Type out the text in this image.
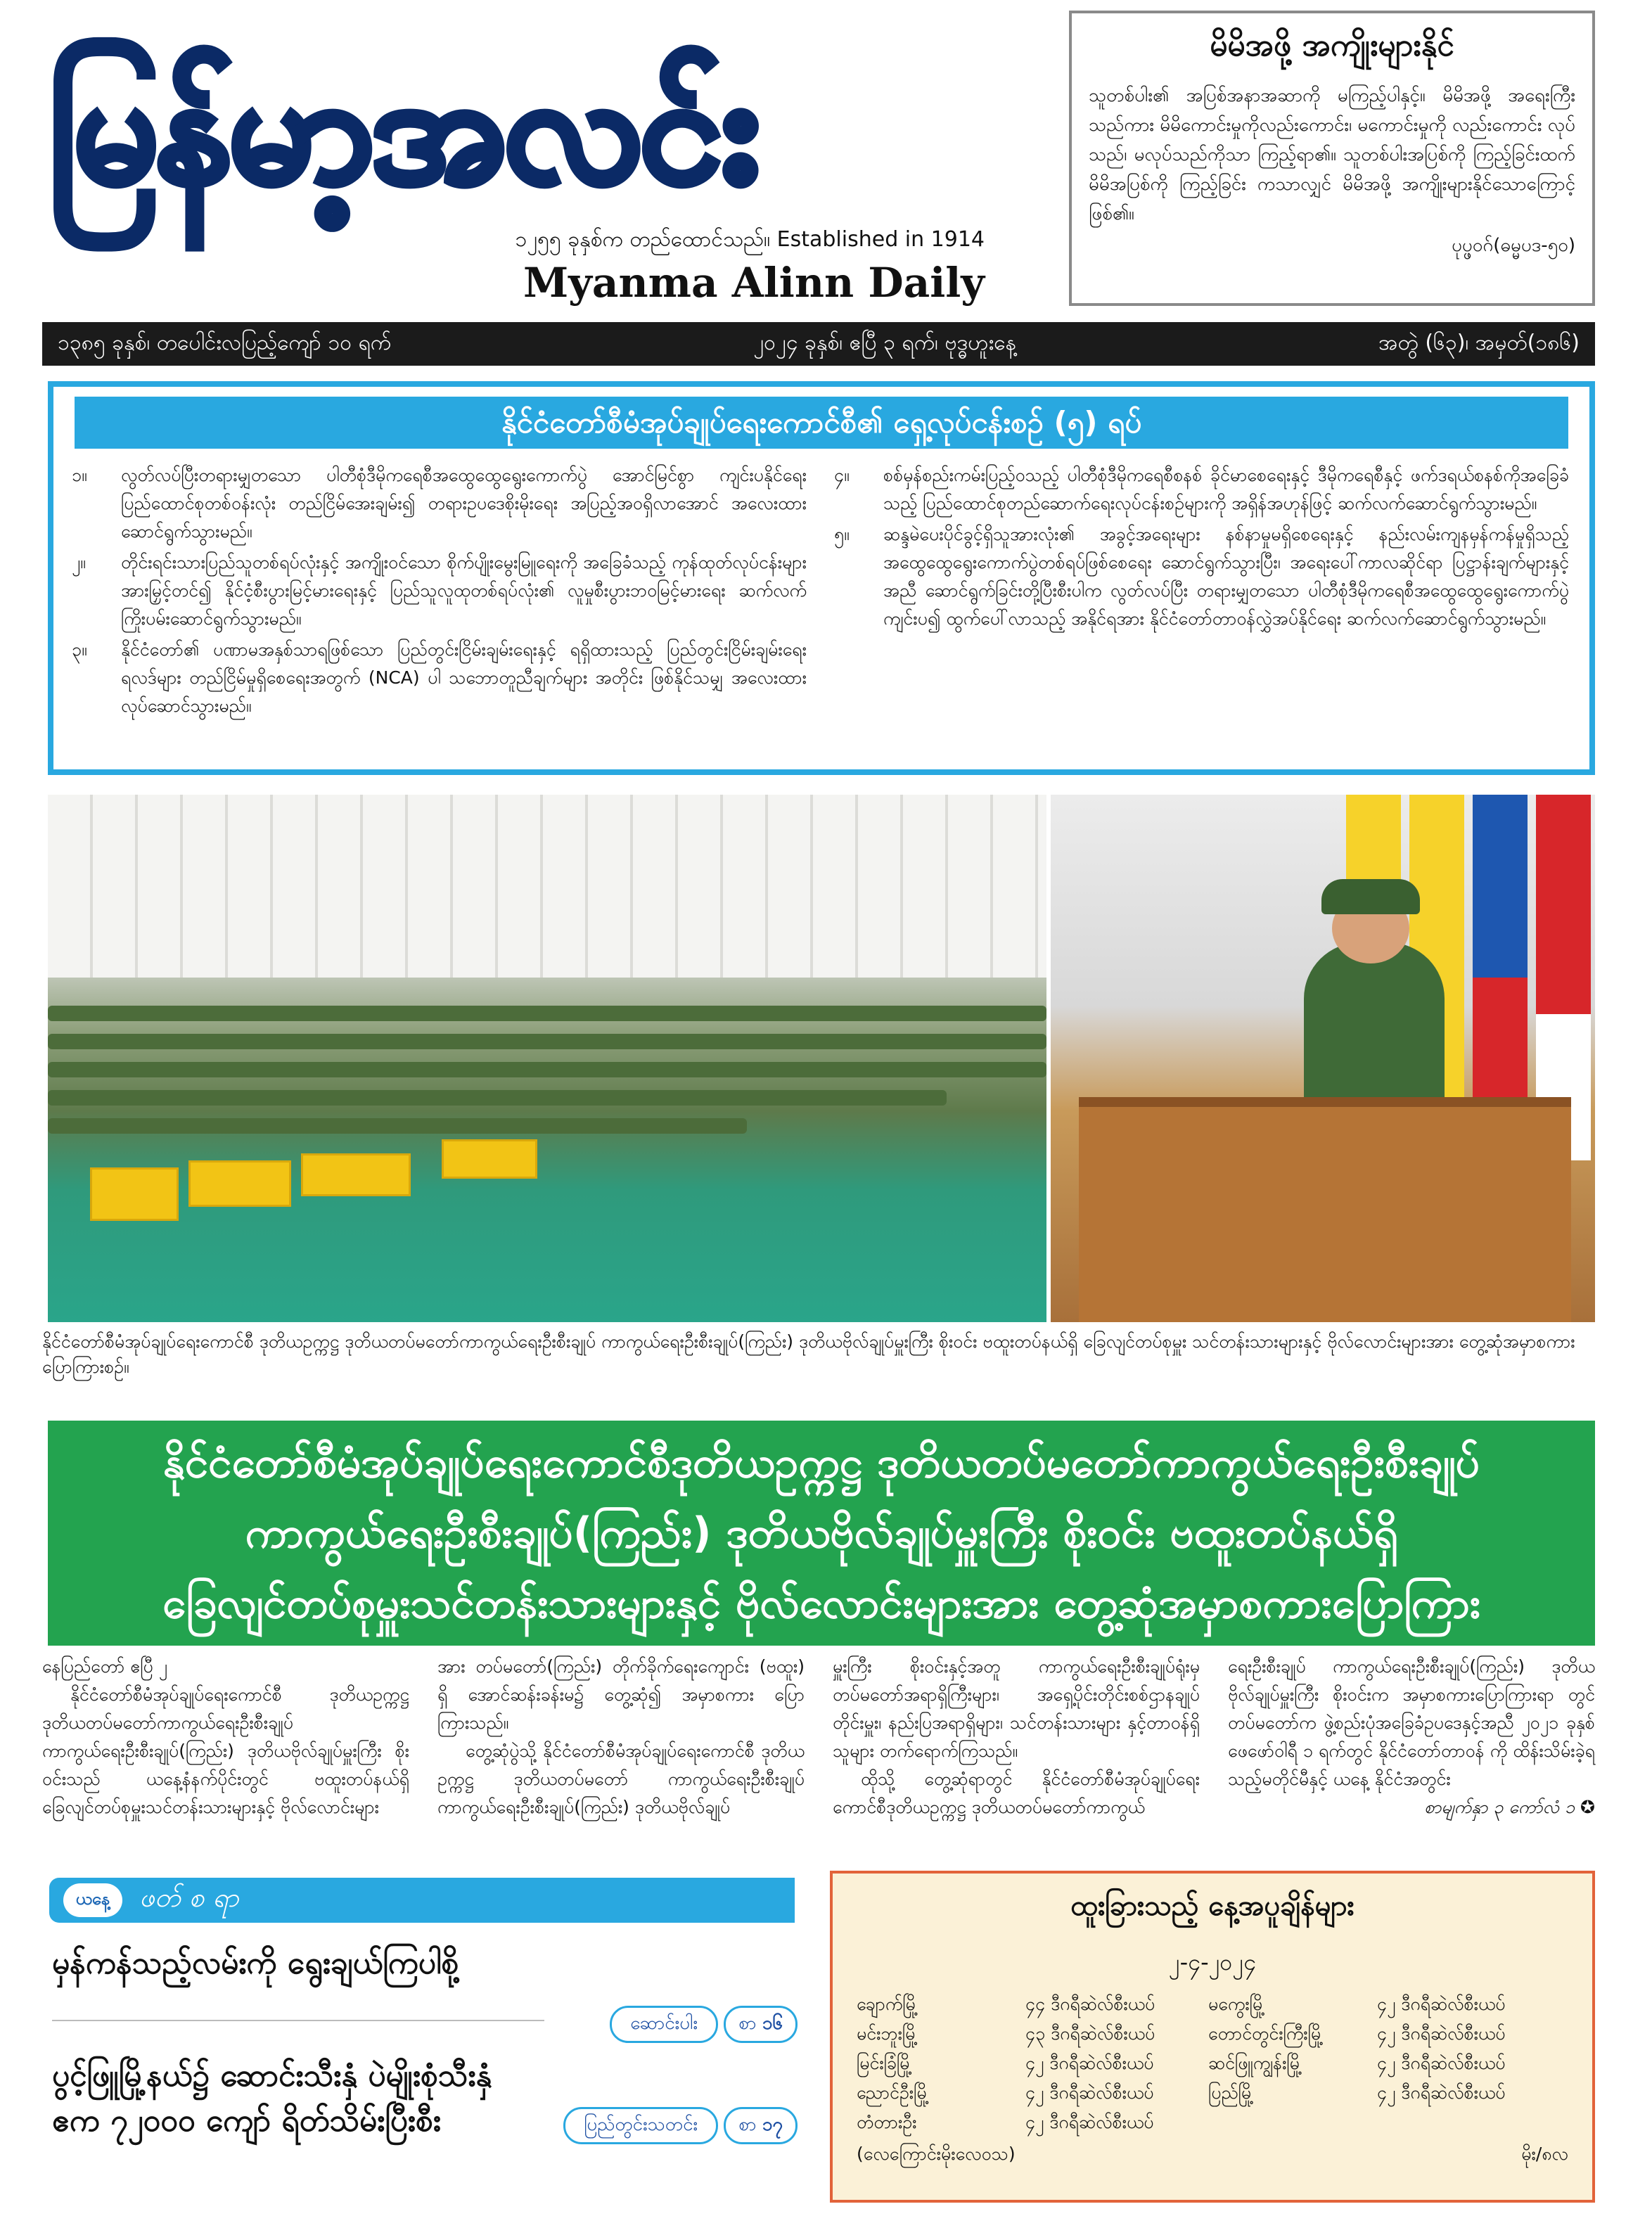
မြန်မာ့အလင်း
၁၂၅၅ ခုနှစ်က တည်ထောင်သည်။ Established in 1914
Myanma Alinn Daily
မိမိအဖို့ အကျိုးများနိုင်
သူတစ်ပါး၏ အပြစ်အနာအဆာကို မကြည့်ပါနှင့်။ မိမိအဖို့ အရေးကြီးသည်ကား မိမိကောင်းမှုကိုလည်းကောင်း၊ မကောင်းမှုကို လည်းကောင်း လုပ်သည်၊ မလုပ်သည်ကိုသာ ကြည့်ရာ၏။ သူတစ်ပါးအပြစ်ကို ကြည့်ခြင်းထက် မိမိအပြစ်ကို ကြည့်ခြင်း ကသာလျှင် မိမိအဖို့ အကျိုးများနိုင်သောကြောင့် ဖြစ်၏။
ပုပ္ဖဝဂ်(ဓမ္မပဒ-၅၀)
၁၃၈၅ ခုနှစ်၊ တပေါင်းလပြည့်ကျော် ၁၀ ရက်	၂၀၂၄ ခုနှစ်၊ ဧပြီ ၃ ရက်၊ ဗုဒ္ဓဟူးနေ့	အတွဲ (၆၃)၊ အမှတ်(၁၈၆)
နိုင်ငံတော်စီမံအုပ်ချုပ်ရေးကောင်စီ၏ ရှေ့လုပ်ငန်းစဉ် (၅) ရပ်
၁။	လွတ်လပ်ပြီးတရားမျှတသော ပါတီစုံဒီမိုကရေစီအထွေထွေရွေးကောက်ပွဲ အောင်မြင်စွာ ကျင်းပနိုင်ရေး ပြည်ထောင်စုတစ်ဝန်းလုံး တည်ငြိမ်အေးချမ်း၍ တရားဥပဒေစိုးမိုးရေး အပြည့်အဝရှိလာအောင် အလေးထားဆောင်ရွက်သွားမည်။
၂။	တိုင်းရင်းသားပြည်သူတစ်ရပ်လုံးနှင့် အကျိုးဝင်သော စိုက်ပျိုးမွေးမြူရေးကို အခြေခံသည့် ကုန်ထုတ်လုပ်ငန်းများအားမြှင့်တင်၍ နိုင်ငံ့စီးပွားမြင့်မားရေးနှင့် ပြည်သူလူထုတစ်ရပ်လုံး၏ လူမှုစီးပွားဘဝမြင့်မားရေး ဆက်လက်ကြိုးပမ်းဆောင်ရွက်သွားမည်။
၃။	နိုင်ငံတော်၏ ပဏာမအနှစ်သာရဖြစ်သော ပြည်တွင်းငြိမ်းချမ်းရေးနှင့် ရရှိထားသည့် ပြည်တွင်းငြိမ်းချမ်းရေးရလဒ်များ တည်ငြိမ်မှုရှိစေရေးအတွက် (NCA) ပါ သဘောတူညီချက်များ အတိုင်း ဖြစ်နိုင်သမျှ အလေးထားလုပ်ဆောင်သွားမည်။
၄။	စစ်မှန်စည်းကမ်းပြည့်ဝသည့် ပါတီစုံဒီမိုကရေစီစနစ် ခိုင်မာစေရေးနှင့် ဒီမိုကရေစီနှင့် ဖက်ဒရယ်စနစ်ကိုအခြေခံသည့် ပြည်ထောင်စုတည်ဆောက်ရေးလုပ်ငန်းစဉ်များကို အရှိန်အဟုန်ဖြင့် ဆက်လက်ဆောင်ရွက်သွားမည်။
၅။	ဆန္ဒမဲပေးပိုင်ခွင့်ရှိသူအားလုံး၏ အခွင့်အရေးများ နစ်နာမှုမရှိစေရေးနှင့် နည်းလမ်းကျနမှန်ကန်မှုရှိသည့် အထွေထွေရွေးကောက်ပွဲတစ်ရပ်ဖြစ်စေရေး ဆောင်ရွက်သွားပြီး၊ အရေးပေါ်ကာလဆိုင်ရာ ပြဋ္ဌာန်းချက်များနှင့်အညီ ဆောင်ရွက်ခြင်းတို့ပြီးစီးပါက လွတ်လပ်ပြီး တရားမျှတသော ပါတီစုံဒီမိုကရေစီအထွေထွေရွေးကောက်ပွဲ ကျင်းပ၍ ထွက်ပေါ်လာသည့် အနိုင်ရအား နိုင်ငံတော်တာဝန်လွှဲအပ်နိုင်ရေး ဆက်လက်ဆောင်ရွက်သွားမည်။
နိုင်ငံတော်စီမံအုပ်ချုပ်ရေးကောင်စီ ဒုတိယဥက္ကဋ္ဌ ဒုတိယတပ်မတော်ကာကွယ်ရေးဦးစီးချုပ် ကာကွယ်ရေးဦးစီးချုပ်(ကြည်း) ဒုတိယဗိုလ်ချုပ်မှူးကြီး စိုးဝင်း ဗထူးတပ်နယ်ရှိ ခြေလျင်တပ်စုမှူး သင်တန်းသားများနှင့် ဗိုလ်လောင်းများအား တွေ့ဆုံအမှာစကား ပြောကြားစဉ်။
နိုင်ငံတော်စီမံအုပ်ချုပ်ရေးကောင်စီဒုတိယဥက္ကဋ္ဌ ဒုတိယတပ်မတော်ကာကွယ်ရေးဦးစီးချုပ်
ကာကွယ်ရေးဦးစီးချုပ်(ကြည်း) ဒုတိယဗိုလ်ချုပ်မှူးကြီး စိုးဝင်း ဗထူးတပ်နယ်ရှိ
ခြေလျင်တပ်စုမှူးသင်တန်းသားများနှင့် ဗိုလ်လောင်းများအား တွေ့ဆုံအမှာစကားပြောကြား

နေပြည်တော် ဧပြီ ၂

နိုင်ငံတော်စီမံအုပ်ချုပ်ရေးကောင်စီ ဒုတိယဥက္ကဋ္ဌ ဒုတိယတပ်မတော်ကာကွယ်ရေးဦးစီးချုပ် ကာကွယ်ရေးဦးစီးချုပ်(ကြည်း) ဒုတိယဗိုလ်ချုပ်မှူးကြီး စိုးဝင်းသည် ယနေ့နံနက်ပိုင်းတွင် ဗထူးတပ်နယ်ရှိ ခြေလျင်တပ်စုမှူးသင်တန်းသားများနှင့် ဗိုလ်လောင်းများ

အား တပ်မတော်(ကြည်း) တိုက်ခိုက်ရေးကျောင်း (ဗထူး) ရှိ အောင်ဆန်းခန်းမ၌ တွေ့ဆုံ၍ အမှာစကား ပြောကြားသည်။

တွေ့ဆုံပွဲသို့ နိုင်ငံတော်စီမံအုပ်ချုပ်ရေးကောင်စီ ဒုတိယဥက္ကဋ္ဌ ဒုတိယတပ်မတော် ကာကွယ်ရေးဦးစီးချုပ် ကာကွယ်ရေးဦးစီးချုပ်(ကြည်း) ဒုတိယဗိုလ်ချုပ်

မှူးကြီး စိုးဝင်းနှင့်အတူ ကာကွယ်ရေးဦးစီးချုပ်ရုံးမှ တပ်မတော်အရာရှိကြီးများ၊ အရှေ့ပိုင်းတိုင်းစစ်ဌာနချုပ် တိုင်းမှူး၊ နည်းပြအရာရှိများ၊ သင်တန်းသားများ နှင့်တာဝန်ရှိသူများ တက်ရောက်ကြသည်။

ထိုသို့ တွေ့ဆုံရာတွင် နိုင်ငံတော်စီမံအုပ်ချုပ်ရေး ကောင်စီဒုတိယဥက္ကဋ္ဌ ဒုတိယတပ်မတော်ကာကွယ်

ရေးဦးစီးချုပ် ကာကွယ်ရေးဦးစီးချုပ်(ကြည်း) ဒုတိယ ဗိုလ်ချုပ်မှူးကြီး စိုးဝင်းက အမှာစကားပြောကြားရာ တွင် တပ်မတော်က ဖွဲ့စည်းပုံအခြေခံဥပဒေနှင့်အညီ ၂၀၂၁ ခုနှစ် ဖေဖော်ဝါရီ ၁ ရက်တွင် နိုင်ငံတော်တာဝန် ကို ထိန်းသိမ်းခဲ့ရသည့်မတိုင်မီနှင့် ယနေ့ နိုင်ငံအတွင်း

စာမျက်နှာ ၃ ကော်လံ ၁ ✪

ယနေ့	ဖတ် စ ရာ
မှန်ကန်သည့်လမ်းကို ရွေးချယ်ကြပါစို့
ဆောင်းပါး	စာ ၁၆
ပွင့်ဖြူမြို့နယ်၌ ဆောင်းသီးနှံ ပဲမျိုးစုံသီးနှံ
ဧက ၇၂၀၀၀ ကျော် ရိတ်သိမ်းပြီးစီး	ပြည်တွင်းသတင်း	စာ ၁၇
ထူးခြားသည့် နေ့အပူချိန်များ
၂-၄-၂၀၂၄
ချောက်မြို့	၄၄ ဒီဂရီဆဲလ်စီးယပ်	မကွေးမြို့	၄၂ ဒီဂရီဆဲလ်စီးယပ်
မင်းဘူးမြို့	၄၃ ဒီဂရီဆဲလ်စီးယပ်	တောင်တွင်းကြီးမြို့	၄၂ ဒီဂရီဆဲလ်စီးယပ်
မြင်းခြံမြို့	၄၂ ဒီဂရီဆဲလ်စီးယပ်	ဆင်ဖြူကျွန်းမြို့	၄၂ ဒီဂရီဆဲလ်စီးယပ်
ညောင်ဦးမြို့	၄၂ ဒီဂရီဆဲလ်စီးယပ်	ပြည်မြို့	၄၂ ဒီဂရီဆဲလ်စီးယပ်
တံတားဦး	၄၂ ဒီဂရီဆဲလ်စီးယပ်
(လေကြောင်းမိုးလေဝသ)	မိုး/၈လ
